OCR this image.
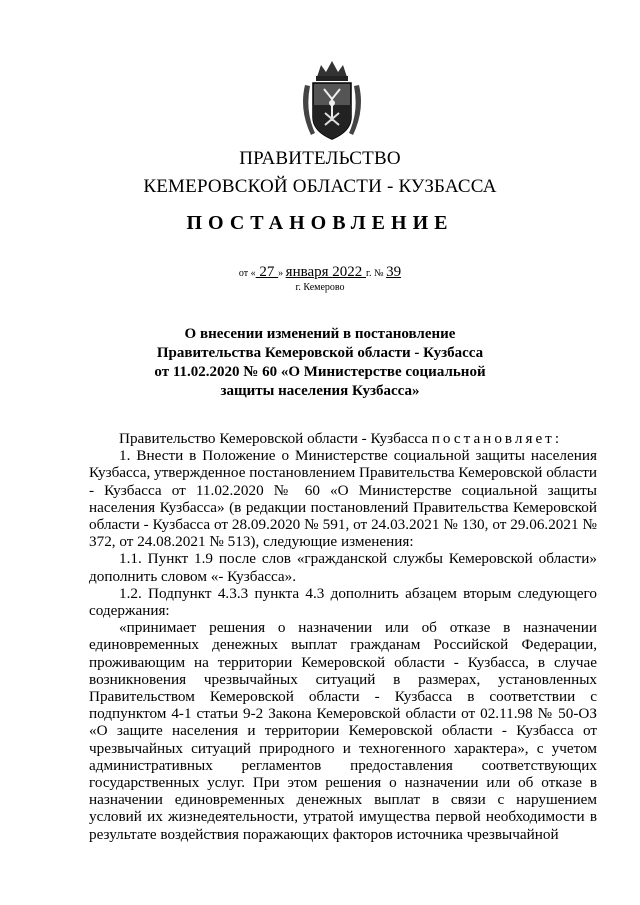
ПРАВИТЕЛЬСТВО
КЕМЕРОВСКОЙ ОБЛАСТИ - КУЗБАССА
ПОСТАНОВЛЕНИЕ
от « 27 » января 2022 г. № 39
г. Кемерово
О внесении изменений в постановление
Правительства Кемеровской области - Кузбасса
от 11.02.2020 № 60 «О Министерстве социальной
защиты населения Кузбасса»

Правительство Кемеровской области - Кузбасса постановляет:

1. Внести в Положение о Министерстве социальной защиты населения Кузбасса, утвержденное постановлением Правительства Кемеровской области - Кузбасса от 11.02.2020 № 60 «О Министерстве социальной защиты населения Кузбасса» (в редакции постановлений Правительства Кемеровской области - Кузбасса от 28.09.2020 № 591, от 24.03.2021 № 130, от 29.06.2021 № 372, от 24.08.2021 № 513), следующие изменения:

1.1. Пункт 1.9 после слов «гражданской службы Кемеровской области» дополнить словом «- Кузбасса».

1.2. Подпункт 4.3.3 пункта 4.3 дополнить абзацем вторым следующего содержания:

«принимает решения о назначении или об отказе в назначении единовременных денежных выплат гражданам Российской Федерации, проживающим на территории Кемеровской области - Кузбасса, в случае возникновения чрезвычайных ситуаций в размерах, установленных Правительством Кемеровской области - Кузбасса в соответствии с подпунктом 4-1 статьи 9-2 Закона Кемеровской области от 02.11.98 № 50-ОЗ «О защите населения и территории Кемеровской области - Кузбасса от чрезвычайных ситуаций природного и техногенного характера», с учетом административных регламентов предоставления соответствующих государственных услуг. При этом решения о назначении или об отказе в назначении единовременных денежных выплат в связи с нарушением условий их жизнедеятельности, утратой имущества первой необходимости в результате воздействия поражающих факторов источника чрезвычайной
